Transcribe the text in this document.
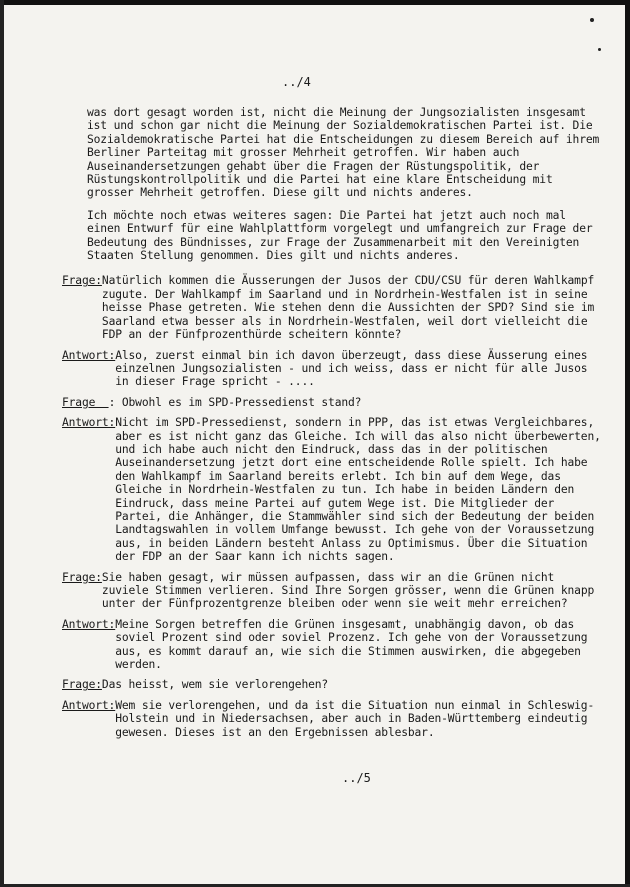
../4

was dort gesagt worden ist, nicht die Meinung der Jungsozialisten insgesamt ist und schon gar nicht die Meinung der Sozialdemokratischen Partei ist. Die Sozialdemokratische Partei hat die Entscheidungen zu diesem Bereich auf ihrem Berliner Parteitag mit grosser Mehrheit getroffen. Wir haben auch Auseinandersetzungen gehabt über die Fragen der Rüstungspolitik, der Rüstungskontrollpolitik und die Partei hat eine klare Entscheidung mit grosser Mehrheit getroffen. Diese gilt und nichts anderes.

Ich möchte noch etwas weiteres sagen: Die Partei hat jetzt auch noch mal einen Entwurf für eine Wahlplattform vorgelegt und umfangreich zur Frage der Bedeutung des Bündnisses, zur Frage der Zusammenarbeit mit den Vereinigten Staaten Stellung genommen. Dies gilt und nichts anderes.

Frage: Natürlich kommen die Äusserungen der Jusos der CDU/CSU für deren Wahlkampf zugute. Der Wahlkampf im Saarland und in Nordrhein-Westfalen ist in seine heisse Phase getreten. Wie stehen denn die Aussichten der SPD? Sind sie im Saarland etwa besser als in Nordrhein-Westfalen, weil dort vielleicht die FDP an der Fünfprozenthürde scheitern könnte?
Antwort: Also, zuerst einmal bin ich davon überzeugt, dass diese Äusserung eines einzelnen Jungsozialisten - und ich weiss, dass er nicht für alle Jusos in dieser Frage spricht - ....
Frage : Obwohl es im SPD-Pressedienst stand?
Antwort: Nicht im SPD-Pressedienst, sondern in PPP, das ist etwas Vergleichbares, aber es ist nicht ganz das Gleiche. Ich will das also nicht überbewerten, und ich habe auch nicht den Eindruck, dass das in der politischen Auseinandersetzung jetzt dort eine entscheidende Rolle spielt. Ich habe den Wahlkampf im Saarland bereits erlebt. Ich bin auf dem Wege, das Gleiche in Nordrhein-Westfalen zu tun. Ich habe in beiden Ländern den Eindruck, dass meine Partei auf gutem Wege ist. Die Mitglieder der Partei, die Anhänger, die Stammwähler sind sich der Bedeutung der beiden Landtagswahlen in vollem Umfange bewusst. Ich gehe von der Voraussetzung aus, in beiden Ländern besteht Anlass zu Optimismus. Über die Situation der FDP an der Saar kann ich nichts sagen.
Frage: Sie haben gesagt, wir müssen aufpassen, dass wir an die Grünen nicht zuviele Stimmen verlieren. Sind Ihre Sorgen grösser, wenn die Grünen knapp unter der Fünfprozentgrenze bleiben oder wenn sie weit mehr erreichen?
Antwort: Meine Sorgen betreffen die Grünen insgesamt, unabhängig davon, ob das soviel Prozent sind oder soviel Prozenz. Ich gehe von der Voraussetzung aus, es kommt darauf an, wie sich die Stimmen auswirken, die abgegeben werden.
Frage: Das heisst, wem sie verlorengehen?
Antwort: Wem sie verlorengehen, und da ist die Situation nun einmal in Schleswig-Holstein und in Niedersachsen, aber auch in Baden-Württemberg eindeutig gewesen. Dieses ist an den Ergebnissen ablesbar.
../5
